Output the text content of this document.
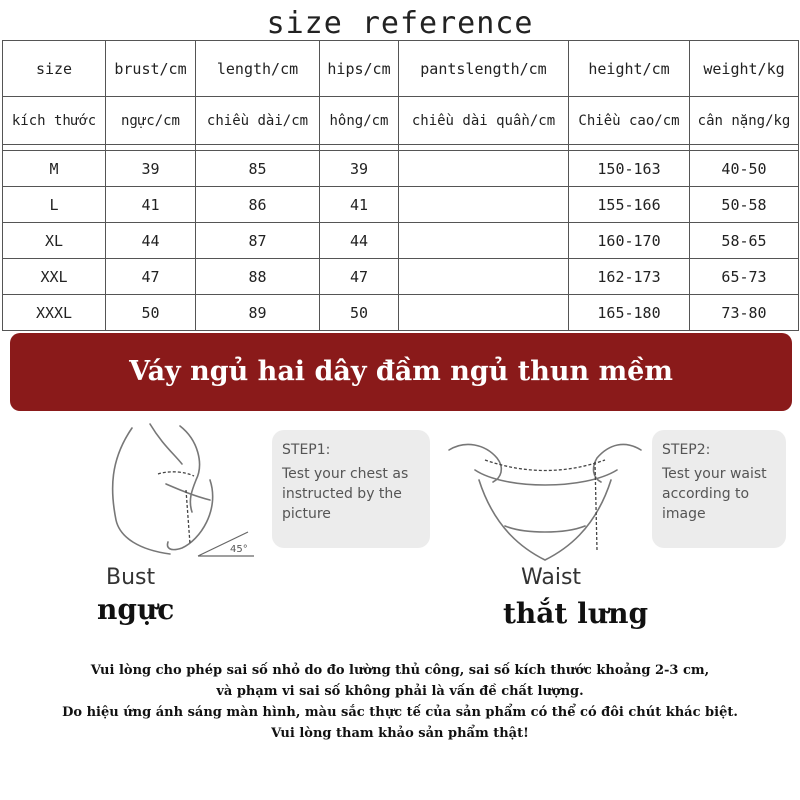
size reference
size	brust/cm	length/cm	hips/cm	pantslength/cm	height/cm	weight/kg
kích thước	ngực/cm	chiều dài/cm	hông/cm	chiều dài quần/cm	Chiều cao/cm	cân nặng/kg

M	39	85	39		150-163	40-50
L	41	86	41		155-166	50-58
XL	44	87	44		160-170	58-65
XXL	47	88	47		162-173	65-73
XXXL	50	89	50		165-180	73-80
Váy ngủ hai dây đầm ngủ thun mềm
45°
STEP1:
Test your chest as
instructed by the
picture
STEP2:
Test your waist
according to
image
Bust
ngực
Waist
thắt lưng
Vui lòng cho phép sai số nhỏ do đo lường thủ công, sai số kích thước khoảng 2-3 cm,
và phạm vi sai số không phải là vấn đề chất lượng.
Do hiệu ứng ánh sáng màn hình, màu sắc thực tế của sản phẩm có thể có đôi chút khác biệt.
Vui lòng tham khảo sản phẩm thật!
